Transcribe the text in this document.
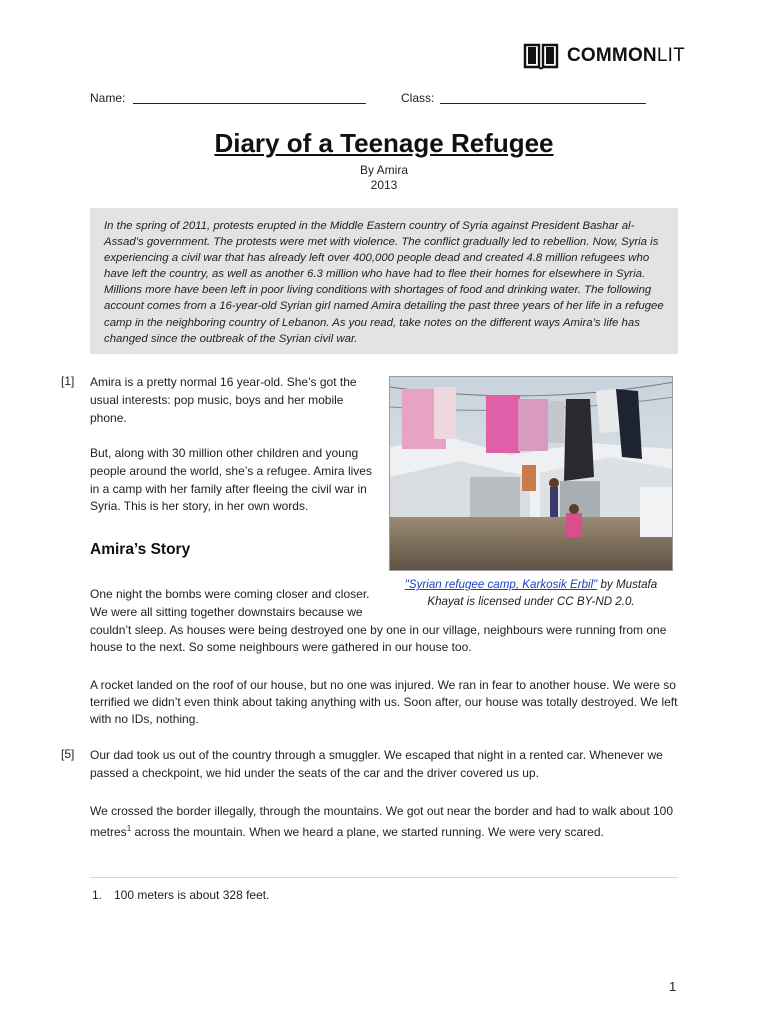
COMMONLIT
Name:	Class:
Diary of a Teenage Refugee
By Amira
2013
In the spring of 2011, protests erupted in the Middle Eastern country of Syria against President Bashar al-Assad’s government. The protests were met with violence. The conflict gradually led to rebellion. Now, Syria is experiencing a civil war that has already left over 400,000 people dead and created 4.8 million refugees who have left the country, as well as another 6.3 million who have had to flee their homes for elsewhere in Syria. Millions more have been left in poor living conditions with shortages of food and drinking water. The following account comes from a 16-year-old Syrian girl named Amira detailing the past three years of her life in a refugee camp in the neighboring country of Lebanon. As you read, take notes on the different ways Amira’s life has changed since the outbreak of the Syrian civil war.
[1]
[5]
Amira is a pretty normal 16 year-old. She’s got the
usual interests: pop music, boys and her mobile
phone.
But, along with 30 million other children and young
people around the world, she’s a refugee. Amira lives
in a camp with her family after fleeing the civil war in
Syria. This is her story, in her own words.
Amira’s Story
"Syrian refugee camp, Karkosik Erbil" by Mustafa
Khayat is licensed under CC BY-ND 2.0.
One night the bombs were coming closer and closer.
We were all sitting together downstairs because we
couldn’t sleep. As houses were being destroyed one by one in our village, neighbours were running from one
house to the next. So some neighbours were gathered in our house too.
A rocket landed on the roof of our house, but no one was injured. We ran in fear to another house. We were so
terrified we didn’t even think about taking anything with us. Soon after, our house was totally destroyed. We left
with no IDs, nothing.
Our dad took us out of the country through a smuggler. We escaped that night in a rented car. Whenever we
passed a checkpoint, we hid under the seats of the car and the driver covered us up.
We crossed the border illegally, through the mountains. We got out near the border and had to walk about 100
metres$^1$ across the mountain. When we heard a plane, we started running. We were very scared.
1. 100 meters is about 328 feet.
1
